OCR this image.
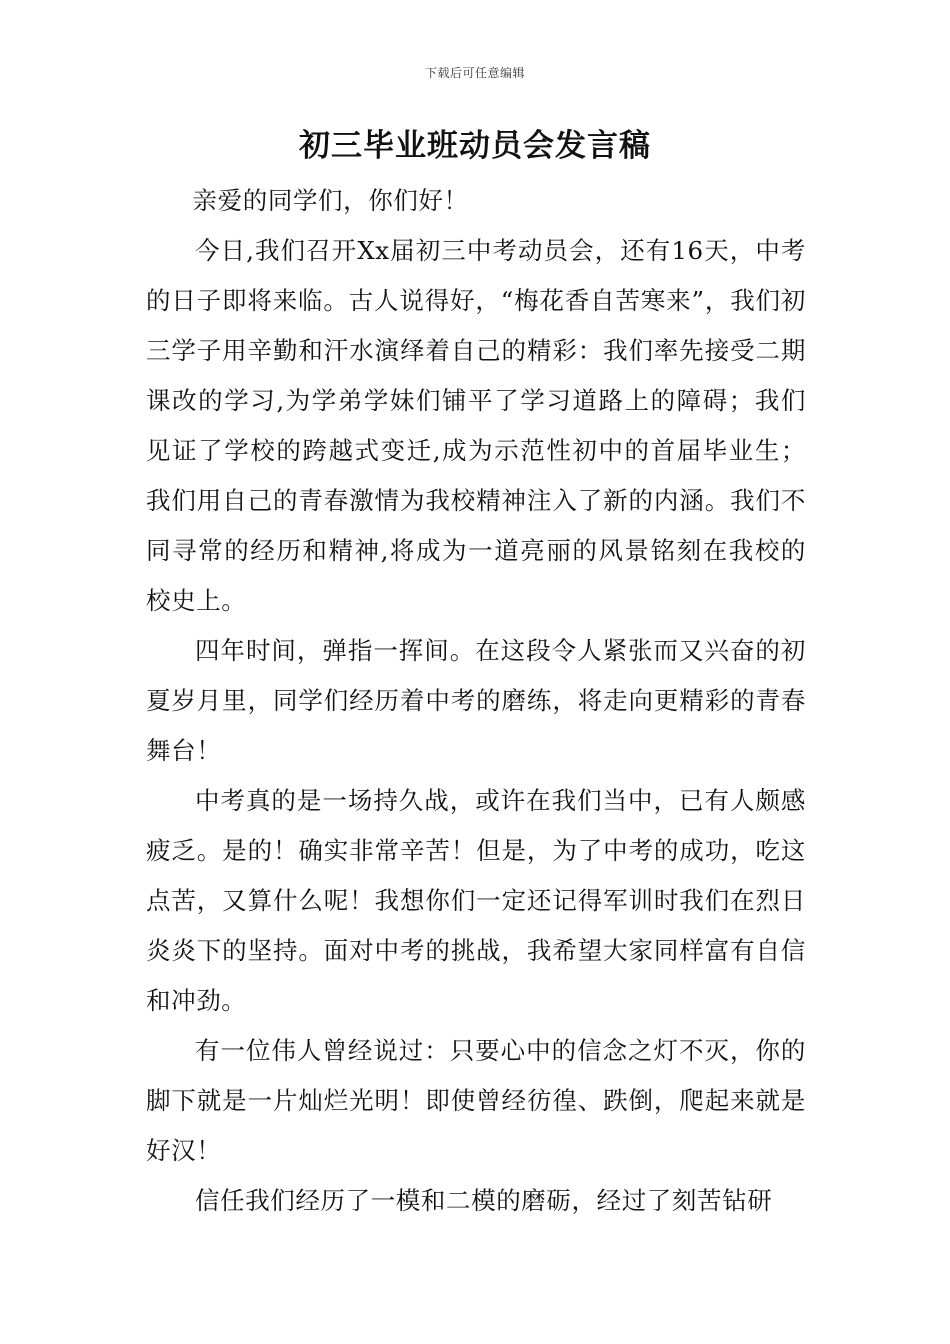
下载后可任意编辑
初三毕业班动员会发言稿

亲爱的同学们，你们好！

今日,我们召开Xx届初三中考动员会，还有16天，中考的日子即将来临。古人说得好，“梅花香自苦寒来”，我们初三学子用辛勤和汗水演绎着自己的精彩：我们率先接受二期课改的学习,为学弟学妹们铺平了学习道路上的障碍；我们见证了学校的跨越式变迁,成为示范性初中的首届毕业生；我们用自己的青春激情为我校精神注入了新的内涵。我们不同寻常的经历和精神,将成为一道亮丽的风景铭刻在我校的校史上。

四年时间，弹指一挥间。在这段令人紧张而又兴奋的初夏岁月里，同学们经历着中考的磨练，将走向更精彩的青春舞台！

中考真的是一场持久战，或许在我们当中，已有人颇感疲乏。是的！确实非常辛苦！但是，为了中考的成功，吃这点苦，又算什么呢！我想你们一定还记得军训时我们在烈日炎炎下的坚持。面对中考的挑战，我希望大家同样富有自信和冲劲。

有一位伟人曾经说过：只要心中的信念之灯不灭，你的脚下就是一片灿烂光明！即使曾经彷徨、跌倒，爬起来就是好汉！

信任我们经历了一模和二模的磨砺，经过了刻苦钻研
